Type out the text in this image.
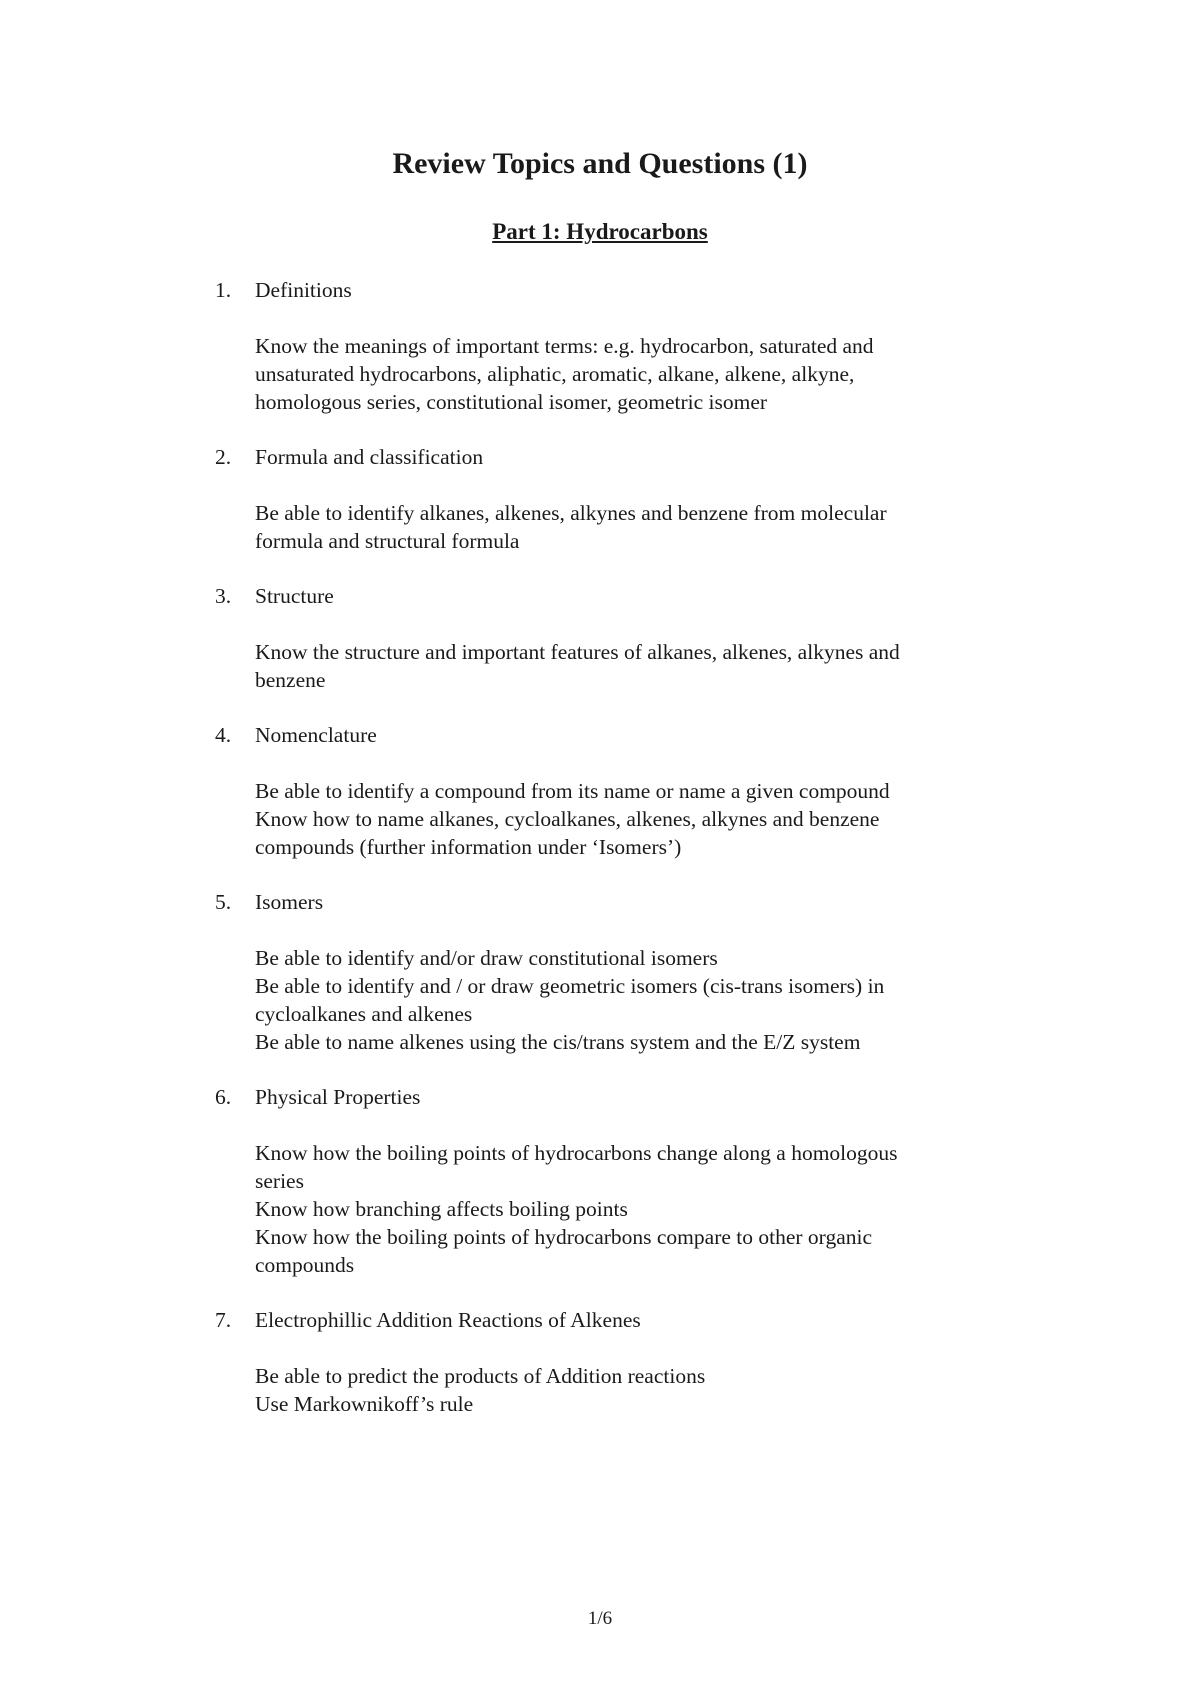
Review Topics and Questions (1)
Part 1: Hydrocarbons
1.	Definitions
Know the meanings of important terms: e.g. hydrocarbon, saturated and
unsaturated hydrocarbons, aliphatic, aromatic, alkane, alkene, alkyne,
homologous series, constitutional isomer, geometric isomer
2.	Formula and classification
Be able to identify alkanes, alkenes, alkynes and benzene from molecular
formula and structural formula
3.	Structure
Know the structure and important features of alkanes, alkenes, alkynes and
benzene
4.	Nomenclature
Be able to identify a compound from its name or name a given compound
Know how to name alkanes, cycloalkanes, alkenes, alkynes and benzene
compounds (further information under ‘Isomers’)
5.	Isomers
Be able to identify and/or draw constitutional isomers
Be able to identify and / or draw geometric isomers (cis-trans isomers) in
cycloalkanes and alkenes
Be able to name alkenes using the cis/trans system and the E/Z system
6.	Physical Properties
Know how the boiling points of hydrocarbons change along a homologous
series
Know how branching affects boiling points
Know how the boiling points of hydrocarbons compare to other organic
compounds
7.	Electrophillic Addition Reactions of Alkenes
Be able to predict the products of Addition reactions
Use Markownikoff’s rule
1/6
